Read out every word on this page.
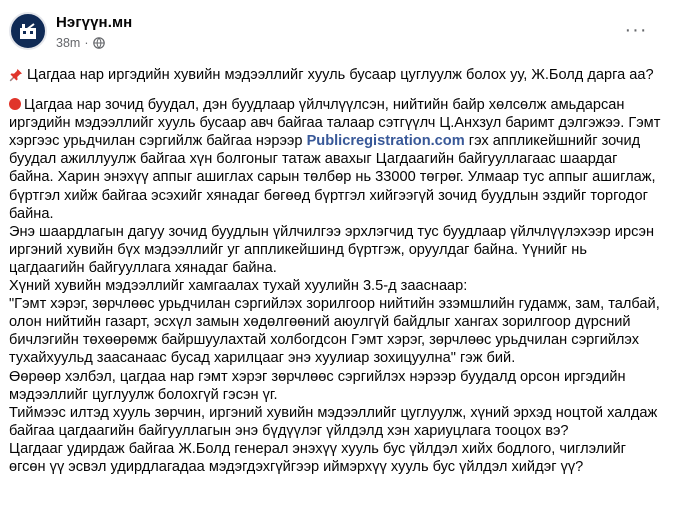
Нэгүүн.мн
38m ·
···

Цагдаа нар иргэдийн хувийн мэдээллийг хууль бусаар цуглуулж болох уу, Ж.Болд дарга аа?

Цагдаа нар зочид буудал, дэн буудлаар үйлчлүүлсэн, нийтийн байр хөлсөлж амьдарсан иргэдийн мэдээллийг хууль бусаар авч байгаа талаар сэтгүүлч Ц.Анхзул баримт дэлгэжээ. Гэмт хэргээс урьдчилан сэргийлж байгаа нэрээр Publicregistration.com гэх аппликейшнийг зочид буудал ажиллуулж байгаа хүн болгоныг татаж авахыг Цагдаагийн байгууллагаас шаардаг байна. Харин энэхүү аппыг ашиглах сарын төлбөр нь 33000 төгрөг. Улмаар тус аппыг ашиглаж, бүртгэл хийж байгаа эсэхийг хянадаг бөгөөд бүртгэл хийгээгүй зочид буудлын эздийг торгодог байна.

Энэ шаардлагын дагуу зочид буудлын үйлчилгээ эрхлэгчид тус буудлаар үйлчлүүлэхээр ирсэн иргэний хувийн бүх мэдээллийг уг аппликейшинд бүртгэж, оруулдаг байна. Үүнийг нь цагдаагийн байгууллага хянадаг байна.

Хүний хувийн мэдээллийг хамгаалах тухай хуулийн 3.5-д зааснаар:

"Гэмт хэрэг, зөрчлөөс урьдчилан сэргийлэх зорилгоор нийтийн эзэмшлийн гудамж, зам, талбай, олон нийтийн газарт, эсхүл замын хөдөлгөөний аюулгүй байдлыг хангах зорилгоор дүрсний бичлэгийн төхөөрөмж байршуулахтай холбогдсон Гэмт хэрэг, зөрчлөөс урьдчилан сэргийлэх тухайхуульд заасанаас бусад харилцааг энэ хуулиар зохицуулна" гэж бий.

Өөрөөр хэлбэл, цагдаа нар гэмт хэрэг зөрчлөөс сэргийлэх нэрээр буудалд орсон иргэдийн мэдээллийг цуглуулж болохгүй гэсэн үг.

Тиймээс илтэд хууль зөрчин, иргэний хувийн мэдээллийг цуглуулж, хүний эрхэд ноцтой халдаж байгаа цагдаагийн байгууллагын энэ бүдүүлэг үйлдэлд хэн хариуцлага тооцох вэ?

Цагдааг удирдаж байгаа Ж.Болд генерал энэхүү хууль бус үйлдэл хийх бодлого, чиглэлийг өгсөн үү эсвэл удирдлагадаа мэдэгдэхгүйгээр иймэрхүү хууль бус үйлдэл хийдэг үү?
